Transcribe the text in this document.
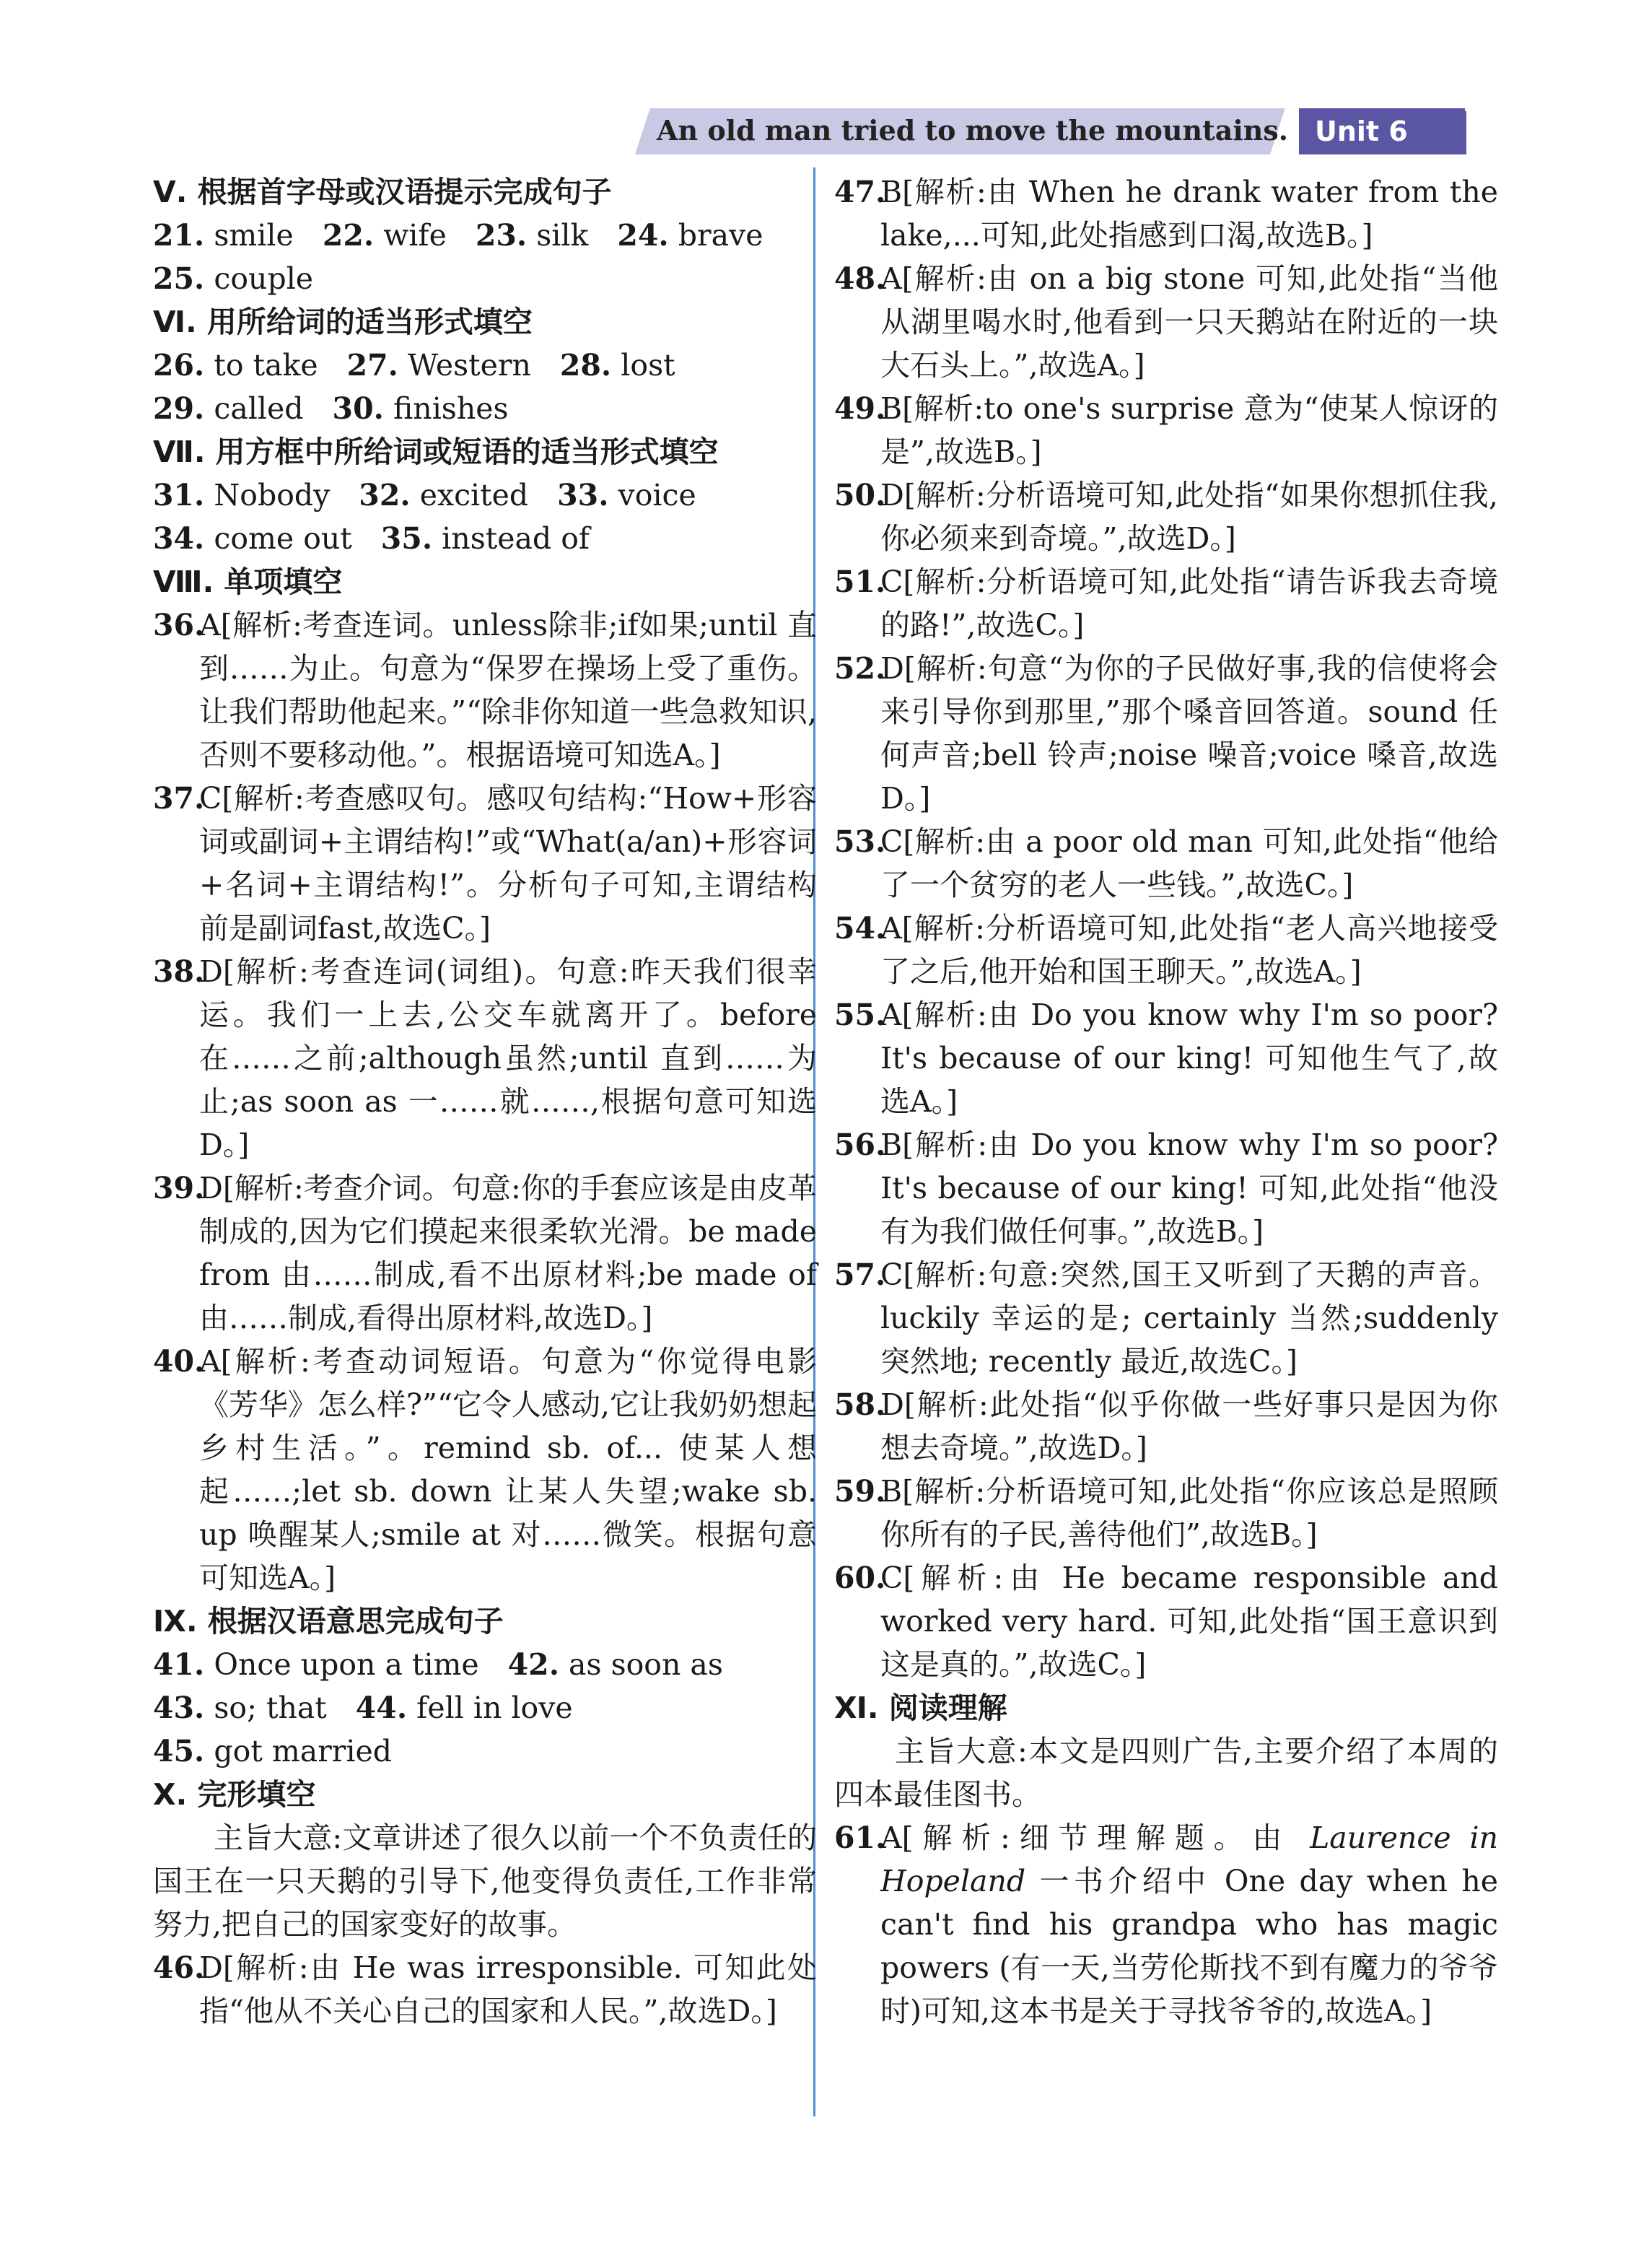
An old man tried to move the mountains. Unit 6
Ⅴ. 根据首字母或汉语提示完成句子
21. smile 22. wife 23. silk 24. brave
25. couple
Ⅵ. 用所给词的适当形式填空
26. to take 27. Western 28. lost
29. called 30. finishes
Ⅶ. 用方框中所给词或短语的适当形式填空
31. Nobody 32. excited 33. voice
34. come out 35. instead of
Ⅷ. 单项填空
36.A[解析:考查连词。unless除非;if如果;until 直到……为止。句意为“保罗在操场上受了重伤。让我们帮助他起来。”“除非你知道一些急救知识,否则不要移动他。”。根据语境可知选A。]
37.C[解析:考查感叹句。感叹句结构:“How+形容词或副词+主谓结构!”或“What(a/an)+形容词+名词+主谓结构!”。分析句子可知,主谓结构前是副词fast,故选C。]
38.D[解析:考查连词(词组)。句意:昨天我们很幸运。我们一上去,公交车就离开了。before 在……之前;although虽然;until 直到……为止;as soon as 一……就……,根据句意可知选D。]
39.D[解析:考查介词。句意:你的手套应该是由皮革制成的,因为它们摸起来很柔软光滑。be made from 由……制成,看不出原材料;be made of 由……制成,看得出原材料,故选D。]
40.A[解析:考查动词短语。句意为“你觉得电影《芳华》怎么样?”“它令人感动,它让我奶奶想起乡村生活。”。remind sb. of... 使某人想起……;let sb. down 让某人失望;wake sb. up 唤醒某人;smile at 对……微笑。根据句意可知选A。]
Ⅸ. 根据汉语意思完成句子
41. Once upon a time 42. as soon as
43. so; that 44. fell in love
45. got married
Ⅹ. 完形填空
主旨大意:文章讲述了很久以前一个不负责任的国王在一只天鹅的引导下,他变得负责任,工作非常努力,把自己的国家变好的故事。
46.D[解析:由 He was irresponsible. 可知此处指“他从不关心自己的国家和人民。”,故选D。]
47.B[解析:由 When he drank water from the lake,...可知,此处指感到口渴,故选B。]
48.A[解析:由 on a big stone 可知,此处指“当他从湖里喝水时,他看到一只天鹅站在附近的一块大石头上。”,故选A。]
49.B[解析:to one's surprise 意为“使某人惊讶的是”,故选B。]
50.D[解析:分析语境可知,此处指“如果你想抓住我,你必须来到奇境。”,故选D。]
51.C[解析:分析语境可知,此处指“请告诉我去奇境的路!”,故选C。]
52.D[解析:句意“为你的子民做好事,我的信使将会来引导你到那里,”那个嗓音回答道。sound 任何声音;bell 铃声;noise 噪音;voice 嗓音,故选D。]
53.C[解析:由 a poor old man 可知,此处指“他给了一个贫穷的老人一些钱。”,故选C。]
54.A[解析:分析语境可知,此处指“老人高兴地接受了之后,他开始和国王聊天。”,故选A。]
55.A[解析:由 Do you know why I'm so poor? It's because of our king! 可知他生气了,故选A。]
56.B[解析:由 Do you know why I'm so poor? It's because of our king! 可知,此处指“他没有为我们做任何事。”,故选B。]
57.C[解析:句意:突然,国王又听到了天鹅的声音。luckily 幸运的是; certainly 当然;suddenly 突然地; recently 最近,故选C。]
58.D[解析:此处指“似乎你做一些好事只是因为你想去奇境。”,故选D。]
59.B[解析:分析语境可知,此处指“你应该总是照顾你所有的子民,善待他们”,故选B。]
60.C[解析:由 He became responsible and worked very hard. 可知,此处指“国王意识到这是真的。”,故选C。]
Ⅺ. 阅读理解
主旨大意:本文是四则广告,主要介绍了本周的四本最佳图书。
61.A[解析:细节理解题。由 Laurence in Hopeland 一书介绍中 One day when he can't find his grandpa who has magic powers (有一天,当劳伦斯找不到有魔力的爷爷时)可知,这本书是关于寻找爷爷的,故选A。]
